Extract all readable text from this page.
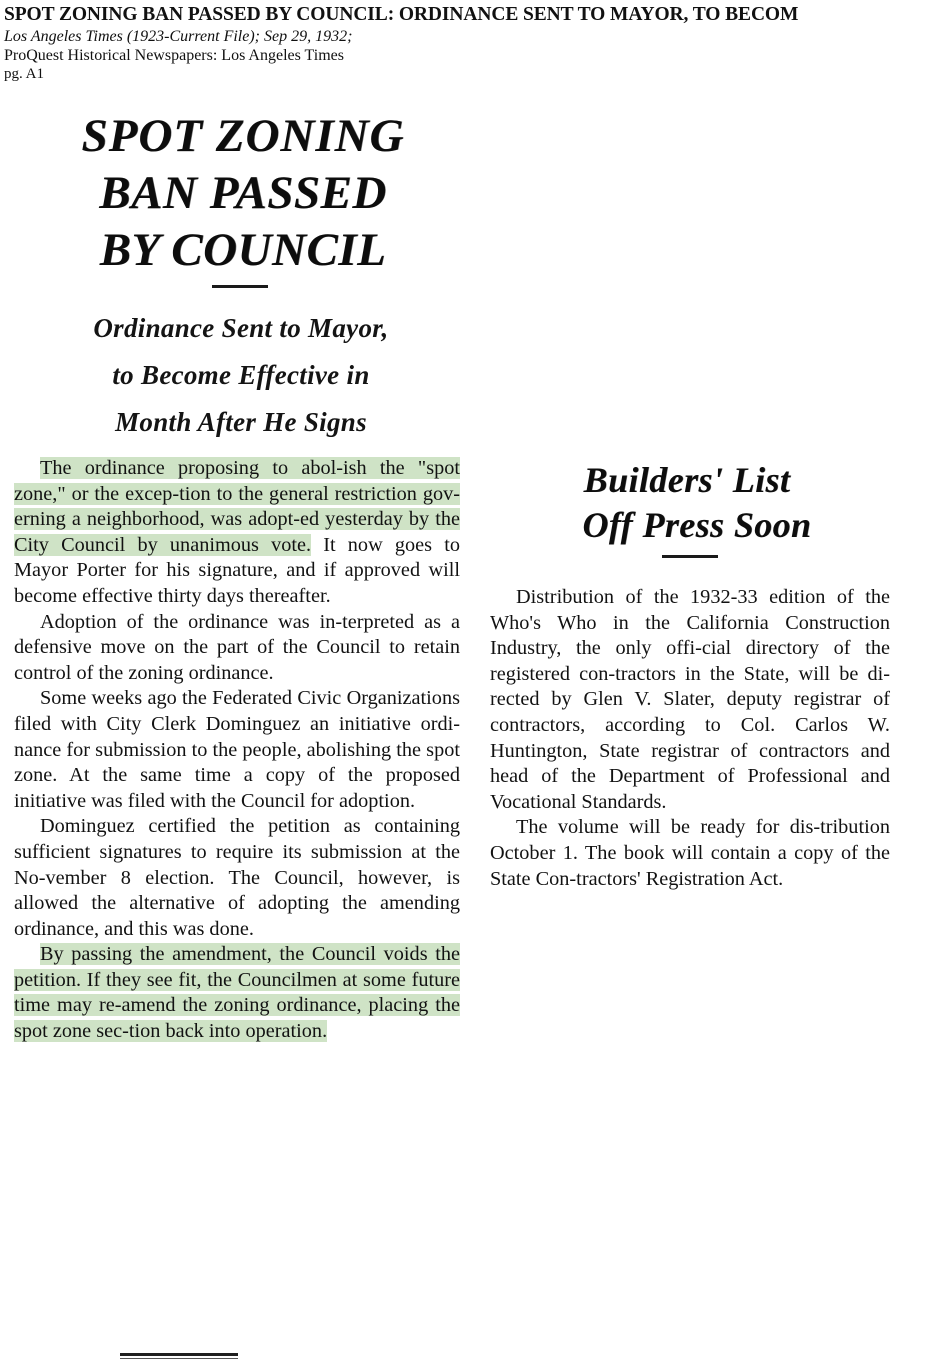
SPOT ZONING BAN PASSED BY COUNCIL: ORDINANCE SENT TO MAYOR, TO BECOM
Los Angeles Times (1923-Current File); Sep 29, 1932;
ProQuest Historical Newspapers: Los Angeles Times
pg. A1
SPOT ZONING
BAN PASSED
BY COUNCIL
Ordinance Sent to Mayor,
to Become Effective in
Month After He Signs

The ordinance proposing to abol-ish the "spot zone," or the excep-tion to the general restriction gov-erning a neighborhood, was adopt-ed yesterday by the City Council by unanimous vote. It now goes to Mayor Porter for his signature, and if approved will become effective thirty days thereafter.

Adoption of the ordinance was in-terpreted as a defensive move on the part of the Council to retain control of the zoning ordinance.

Some weeks ago the Federated Civic Organizations filed with City Clerk Dominguez an initiative ordi-nance for submission to the people, abolishing the spot zone. At the same time a copy of the proposed initiative was filed with the Council for adoption.

Dominguez certified the petition as containing sufficient signatures to require its submission at the No-vember 8 election. The Council, however, is allowed the alternative of adopting the amending ordinance, and this was done.

By passing the amendment, the Council voids the petition. If they see fit, the Councilmen at some future time may re-amend the zoning ordinance, placing the spot zone sec-tion back into operation.

Builders' List
Off Press Soon

Distribution of the 1932-33 edition of the Who's Who in the California Construction Industry, the only offi-cial directory of the registered con-tractors in the State, will be di-rected by Glen V. Slater, deputy registrar of contractors, according to Col. Carlos W. Huntington, State registrar of contractors and head of the Department of Professional and Vocational Standards.

The volume will be ready for dis-tribution October 1. The book will contain a copy of the State Con-tractors' Registration Act.
